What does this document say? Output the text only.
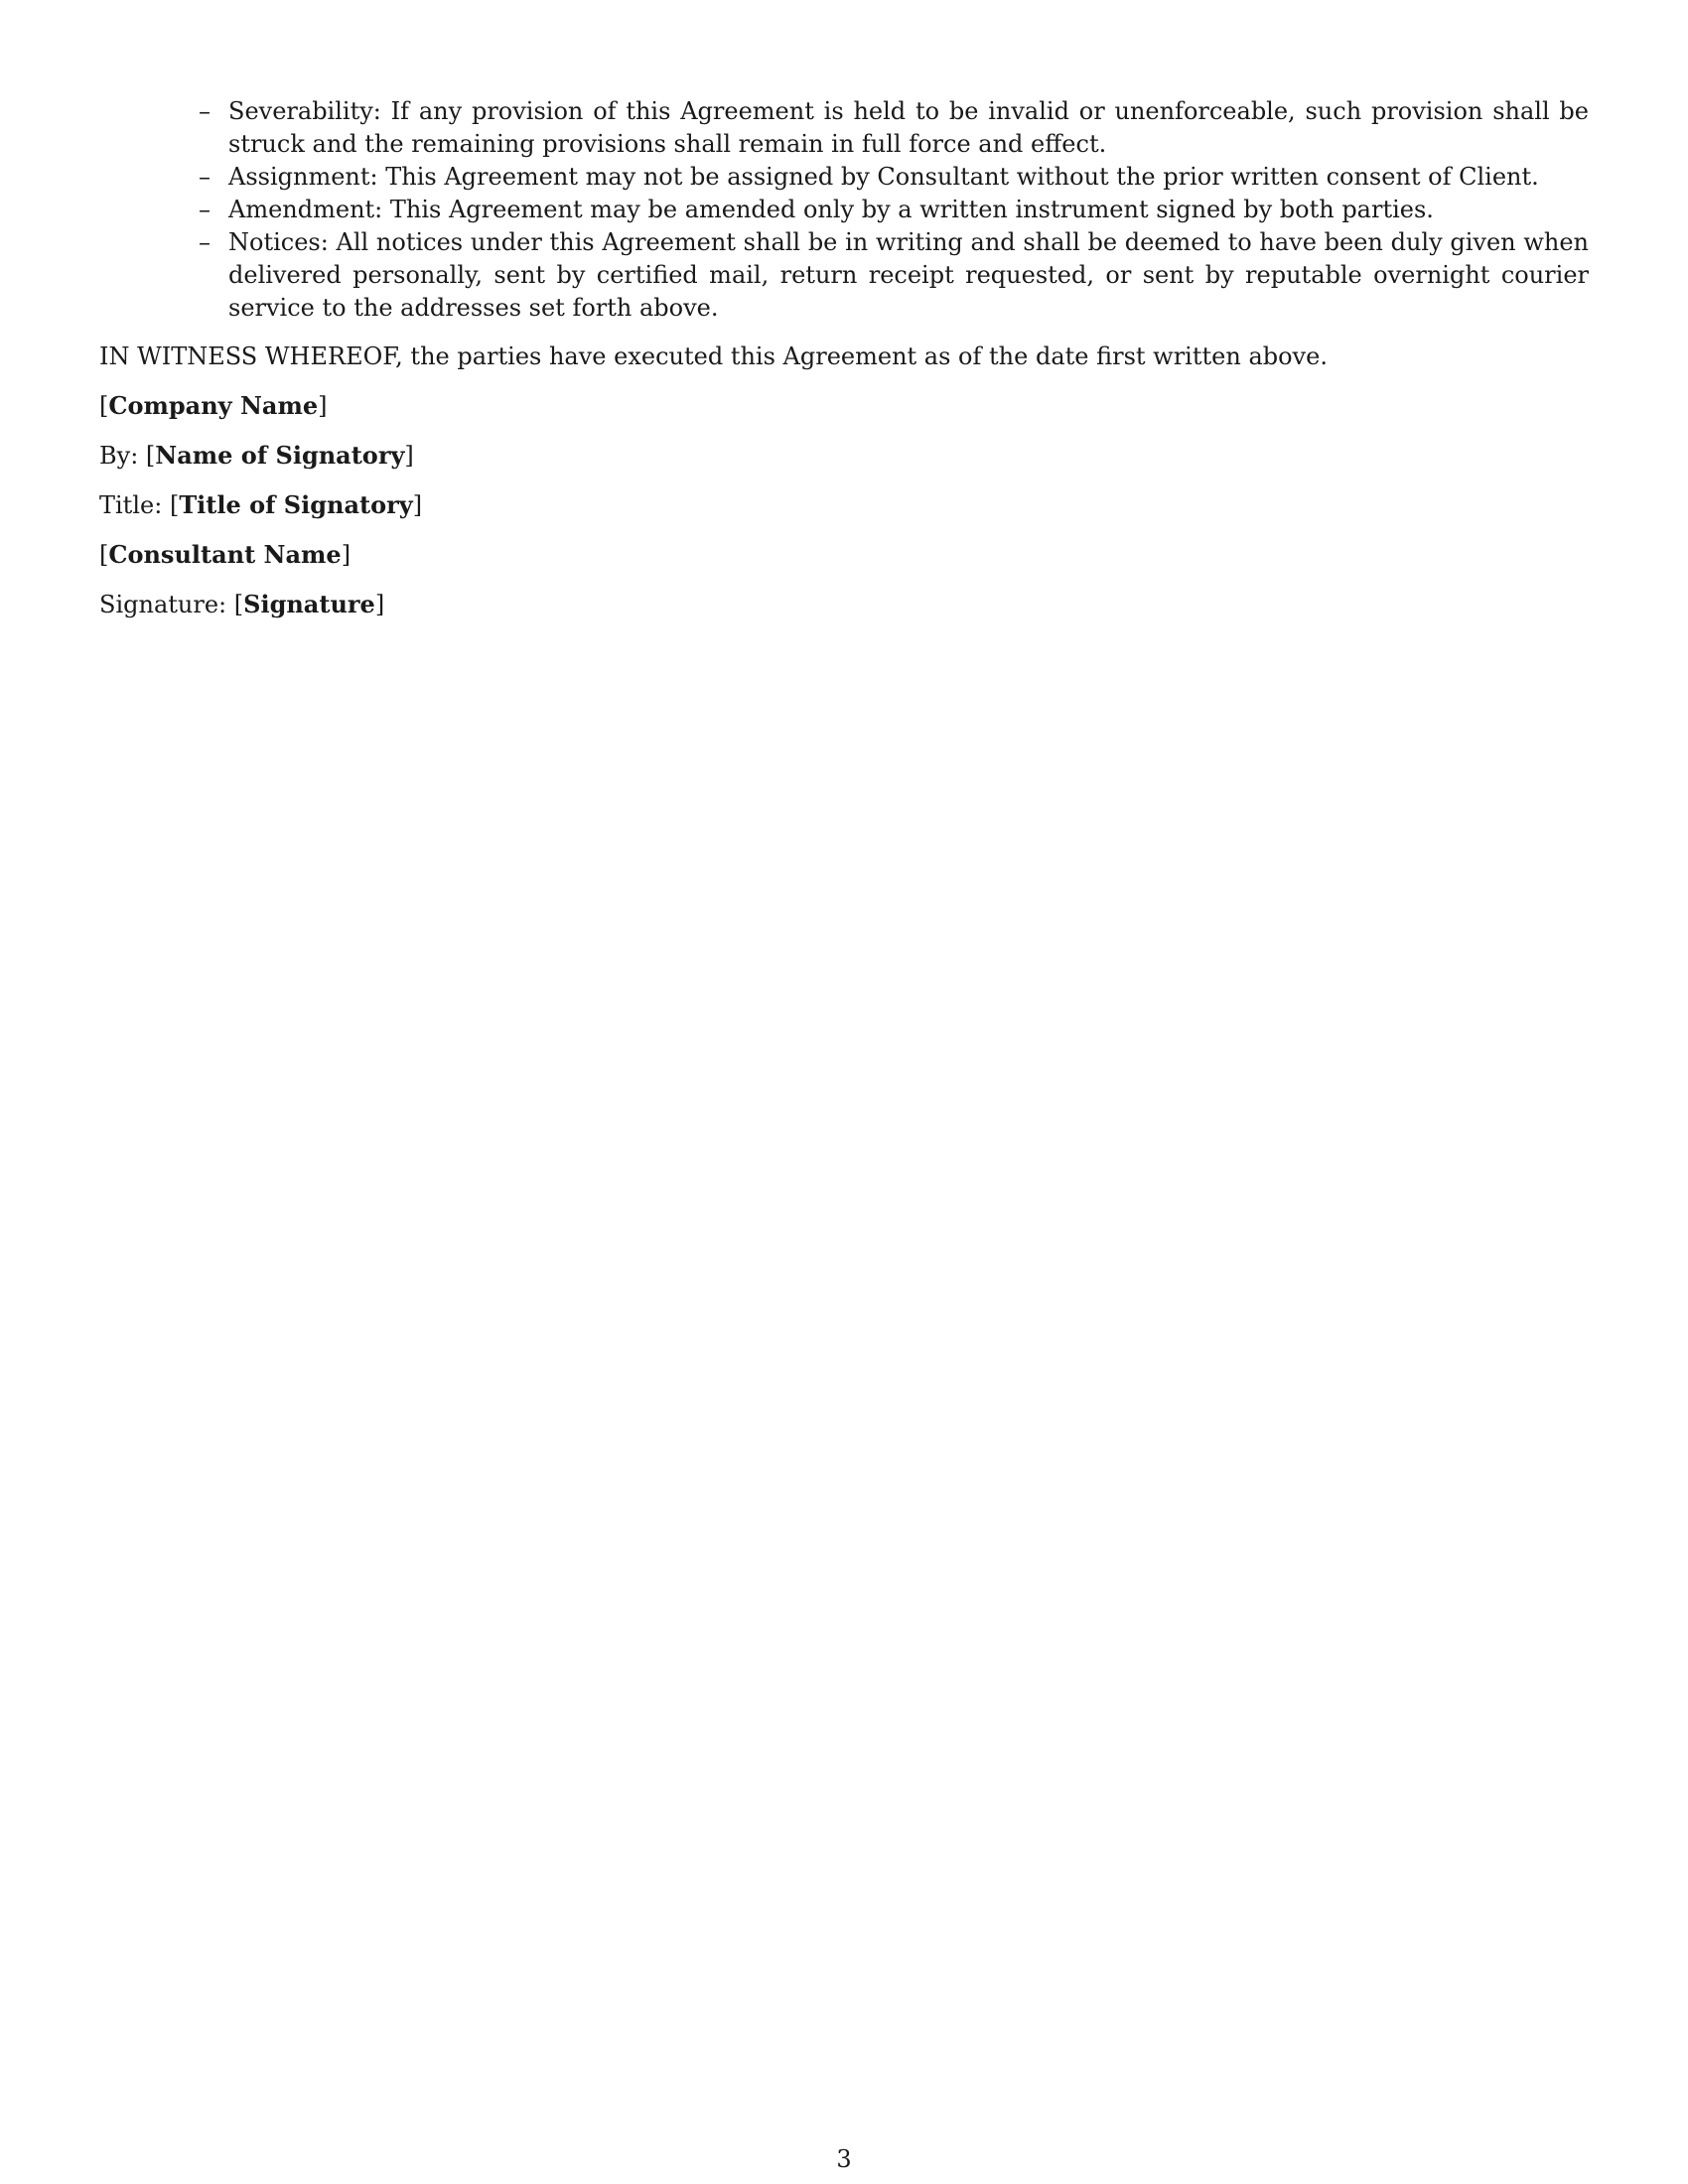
– Severability: If any provision of this Agreement is held to be invalid or unenforceable, such provision shall be struck and the remaining provisions shall remain in full force and effect.
– Assignment: This Agreement may not be assigned by Consultant without the prior written consent of Client.
– Amendment: This Agreement may be amended only by a written instrument signed by both parties.
– Notices: All notices under this Agreement shall be in writing and shall be deemed to have been duly given when delivered personally, sent by certified mail, return receipt requested, or sent by reputable overnight courier service to the addresses set forth above.

IN WITNESS WHEREOF, the parties have executed this Agreement as of the date first written above.

[Company Name]

By: [Name of Signatory]

Title: [Title of Signatory]

[Consultant Name]

Signature: [Signature]

3
